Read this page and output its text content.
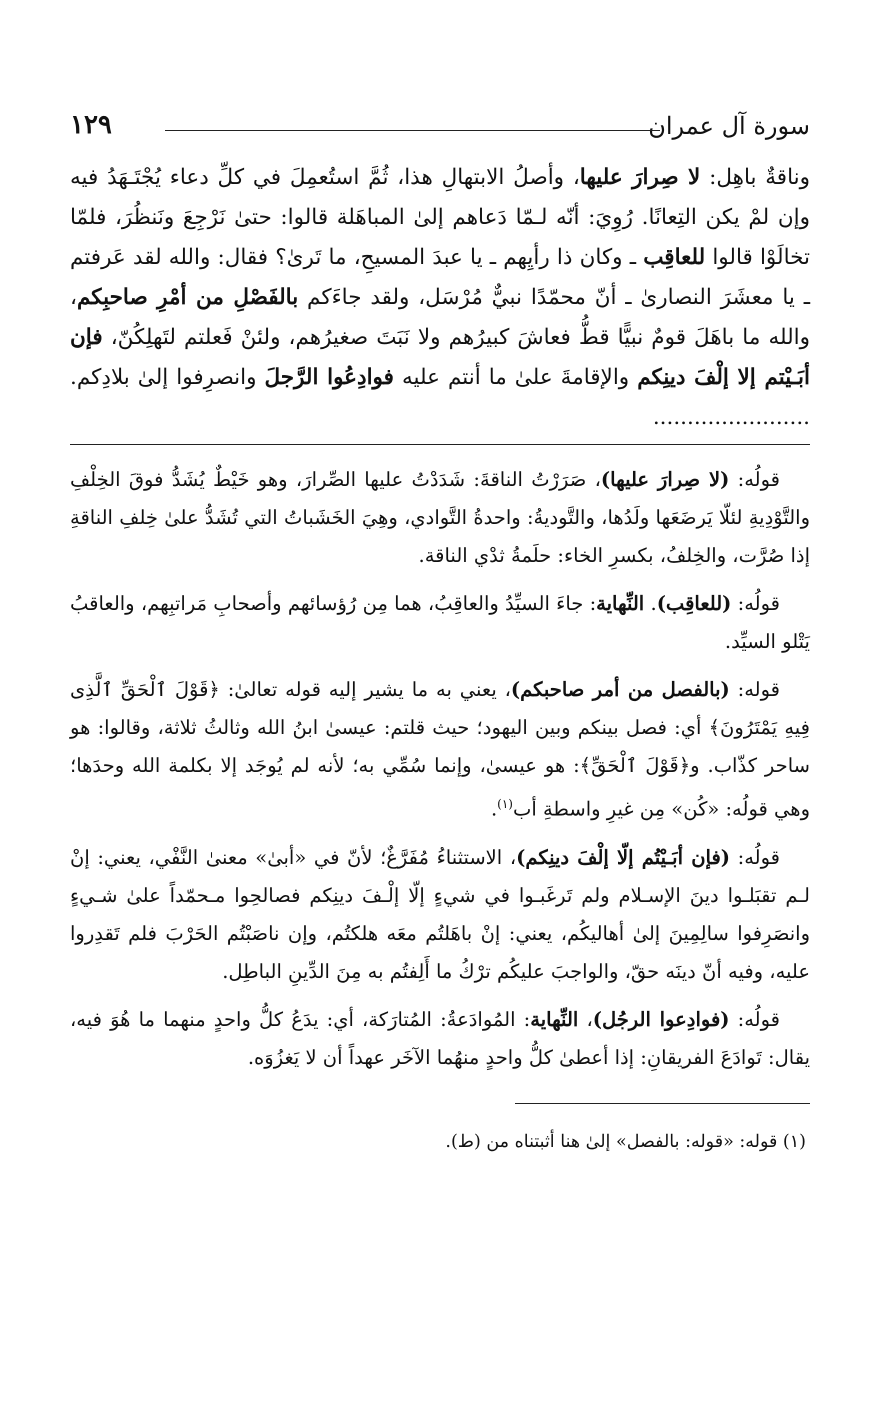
سورة آل عمران
١٢٩

وناقةٌ باهِل: لا صِرارَ عليها، وأصلُ الابتهالِ هذا، ثُمَّ استُعمِلَ في كلِّ دعاء يُجْتَـهَدُ فيه وإن لمْ يكن التِعانًا. رُوِيَ: أنّه لـمّا دَعاهم إلىٰ المباهَلة قالوا: حتىٰ نَرْجِعَ ونَنظُرَ، فلمّا تخالَوْا قالوا للعاقِب ـ وكان ذا رأيِهم ـ يا عبدَ المسيحِ، ما تَرىٰ؟ فقال: والله لقد عَرفتم ـ يا معشَرَ النصارىٰ ـ أنّ محمّدًا نبيٌّ مُرْسَل، ولقد جاءَكم بالفَصْلِ من أمْرِ صاحبِكم، والله ما باهَلَ قومٌ نبيًّا قطُّ فعاشَ كبيرُهم ولا نَبَتَ صغيرُهم، ولئنْ فَعلتم لتَهلِكُنّ، فإن أبَـيْتم إلا إلْفَ دينِكم والإقامةَ علىٰ ما أنتم عليه فوادِعُوا الرَّجلَ وانصرِفوا إلىٰ بلادِكم. .......................

قولُه: (لا صِرارَ عليها)، صَرَرْتُ الناقةَ: شَدَدْتُ عليها الصِّرارَ، وهو خَيْطٌ يُشَدُّ فوقَ الخِلْفِ والتَّوْدِيةِ لئلّا يَرضَعَها ولَدُها، والتَّوديةُ: واحدةُ التَّوادي، وهِيَ الخَشَباتُ التي تُشَدُّ علىٰ خِلفِ الناقةِ إذا صُرَّت، والخِلفُ، بكسرِ الخاء: حلَمةُ ثدْي الناقة.

قولُه: (للعاقِب). النِّهاية: جاءَ السيِّدُ والعاقِبُ، هما مِن رُؤسائهم وأصحابِ مَراتبِهم، والعاقبُ يَتْلو السيِّد.

قوله: (بالفصل من أمر صاحبكم)، يعني به ما يشير إليه قوله تعالىٰ: ﴿قَوْلَ ٱلْحَقِّ ٱلَّذِى فِيهِ يَمْتَرُونَ﴾ أي: فصل بينكم وبين اليهود؛ حيث قلتم: عيسىٰ ابنُ الله وثالثُ ثلاثة، وقالوا: هو ساحر كذّاب. و﴿قَوْلَ ٱلْحَقِّ﴾: هو عيسىٰ، وإنما سُمِّي به؛ لأنه لم يُوجَد إلا بكلمة الله وحدَها؛ وهي قولُه: «كُن» مِن غيرِ واسطةِ أب$^{(١)}$.

قولُه: (فإن أبَـيْتُم إلّا إلْفَ دينِكم)، الاستثناءُ مُفَرَّغٌ؛ لأنّ في «أبىٰ» معنىٰ النَّفْي، يعني: إنْ لـم تقبَلـوا دينَ الإسـلام ولم تَرغَبـوا في شيءٍ إلّا إلْـفَ دينِكم فصالحِوا مـحمّداً علىٰ شـيءٍ وانصَرِفوا سالِمِينَ إلىٰ أهاليكُم، يعني: إنْ باهَلتُم معَه هلكتُم، وإن ناصَبْتُم الحَرْبَ فلم تَقدِروا عليه، وفيه أنّ دينَه حقّ، والواجبَ عليكُم ترْكُ ما أَلِفتُم به مِنَ الدِّينِ الباطِل.

قولُه: (فوادِعوا الرجُل)، النِّهاية: المُوادَعةُ: المُتارَكة، أي: يدَعُ كلُّ واحدٍ منهما ما هُوَ فيه، يقال: تَوادَعَ الفريقانِ: إذا أعطىٰ كلُّ واحدٍ منهُما الآخَر عهداً أن لا يَغزُوَه.

(١) قوله: «قوله: بالفصل» إلىٰ هنا أثبتناه من (ط).
